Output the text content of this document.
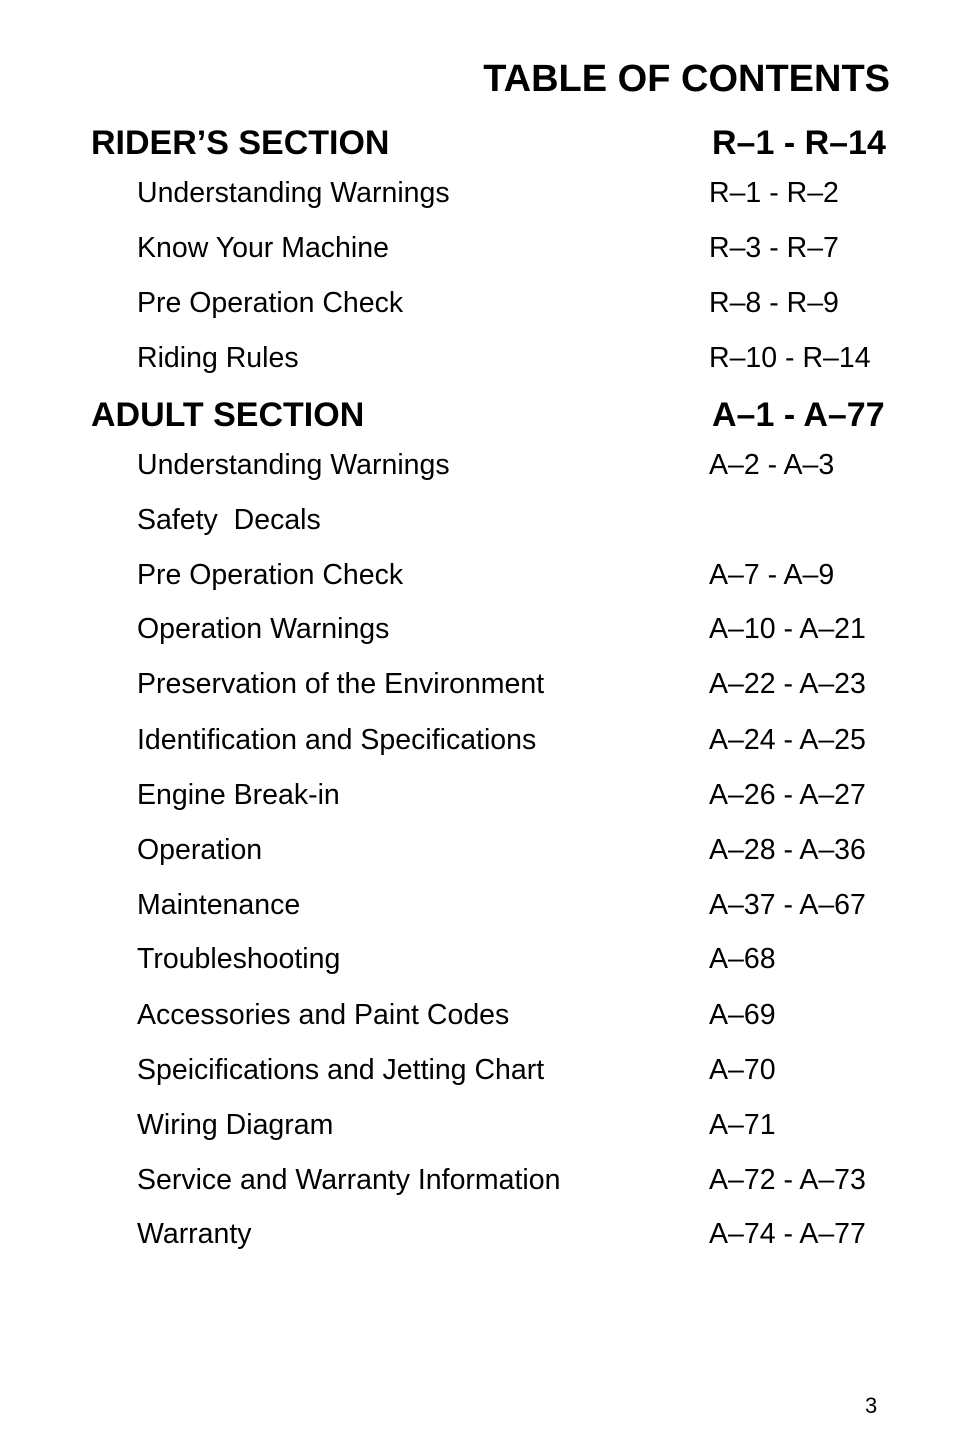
TABLE OF CONTENTS
RIDER’S SECTION	R–1 - R–14
Understanding Warnings	R–1 - R–2
Know Your Machine	R–3 - R–7
Pre Operation Check	R–8 - R–9
Riding Rules	R–10 - R–14
ADULT SECTION	A–1 - A–77
Understanding Warnings	A–2 - A–3
Safety  Decals
Pre Operation Check	A–7 - A–9
Operation Warnings	A–10 - A–21
Preservation of the Environment	A–22 - A–23
Identification and Specifications	A–24 - A–25
Engine Break-in	A–26 - A–27
Operation	A–28 - A–36
Maintenance	A–37 - A–67
Troubleshooting	A–68
Accessories and Paint Codes	A–69
Speicifications and Jetting Chart	A–70
Wiring Diagram	A–71
Service and Warranty Information	A–72 - A–73
Warranty	A–74 - A–77
3
